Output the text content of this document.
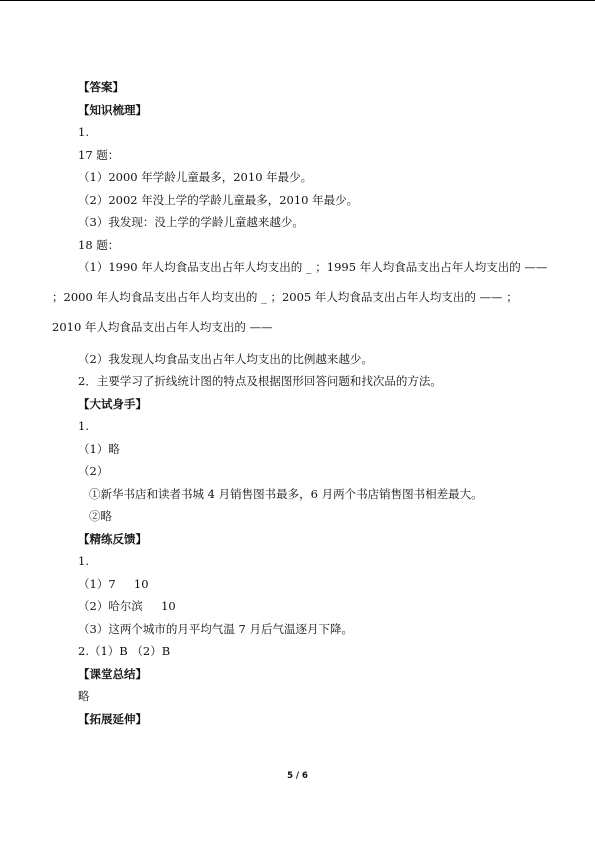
【答案】
【知识梳理】
1.
17 题：
（1）2000 年学龄儿童最多，2010 年最少。
（2）2002 年没上学的学龄儿童最多，2010 年最少。
（3）我发现：没上学的学龄儿童越来越少。
18 题：
（1）1990 年人均食品支出占年人均支出的 _ ；1995 年人均食品支出占年人均支出的 ——
；2000 年人均食品支出占年人均支出的 _ ；2005 年人均食品支出占年人均支出的 —— ；
2010 年人均食品支出占年人均支出的 ——
（2）我发现人均食品支出占年人均支出的比例越来越少。
2．主要学习了折线统计图的特点及根据图形回答问题和找次品的方法。
【大试身手】
1.
（1）略
（2）
①新华书店和读者书城 4 月销售图书最多，6 月两个书店销售图书相差最大。
②略
【精练反馈】
1.
（1）7     10
（2）哈尔滨     10
（3）这两个城市的月平均气温 7 月后气温逐月下降。
2.（1）B （2）B
【课堂总结】
略
【拓展延伸】
5 / 6
